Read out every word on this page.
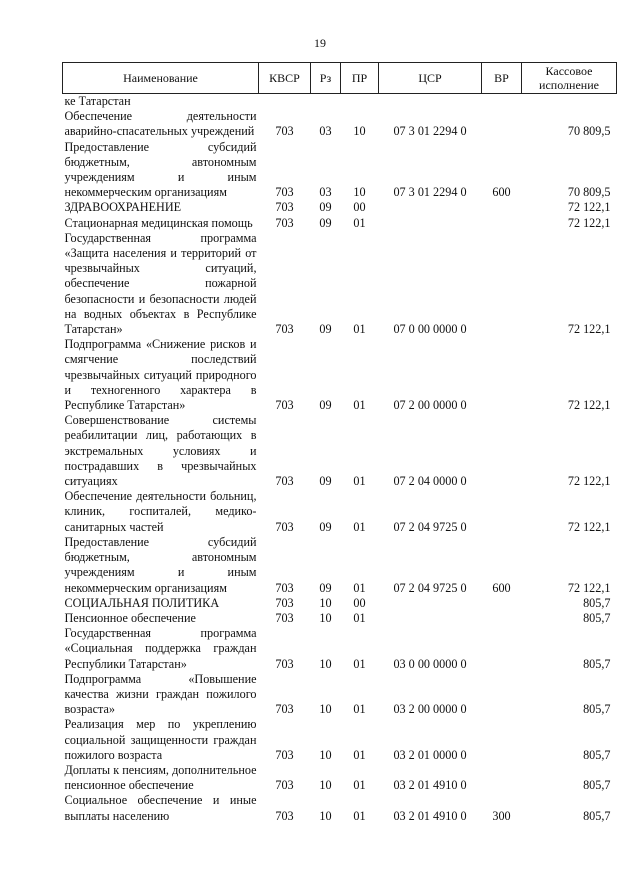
19
Наименование	КВСР	Рз	ПР	ЦСР	ВР	Кассовое исполнение
ке Татарстан						
Обеспечение деятельности аварийно-спасательных учреждений	703	03	10	07 3 01 2294 0		70 809,5
Предоставление субсидий бюджетным, автономным учреждениям и иным некоммерческим организациям	703	03	10	07 3 01 2294 0	600	70 809,5
ЗДРАВООХРАНЕНИЕ	703	09	00			72 122,1
Стационарная медицинская помощь	703	09	01			72 122,1
Государственная программа «Защита населения и территорий от чрезвычайных ситуаций, обеспечение пожарной безопасности и безопасности людей на водных объектах в Республике Татарстан»	703	09	01	07 0 00 0000 0		72 122,1
Подпрограмма «Снижение рисков и смягчение последствий чрезвычайных ситуаций природного и техногенного характера в Республике Татарстан»	703	09	01	07 2 00 0000 0		72 122,1
Совершенствование системы реабилитации лиц, работающих в экстремальных условиях и пострадавших в чрезвычайных ситуациях	703	09	01	07 2 04 0000 0		72 122,1
Обеспечение деятельности больниц, клиник, госпиталей, медико-санитарных частей	703	09	01	07 2 04 9725 0		72 122,1
Предоставление субсидий бюджетным, автономным учреждениям и иным некоммерческим организациям	703	09	01	07 2 04 9725 0	600	72 122,1
СОЦИАЛЬНАЯ ПОЛИТИКА	703	10	00			805,7
Пенсионное обеспечение	703	10	01			805,7
Государственная программа «Социальная поддержка граждан Республики Татарстан»	703	10	01	03 0 00 0000 0		805,7
Подпрограмма «Повышение качества жизни граждан пожилого возраста»	703	10	01	03 2 00 0000 0		805,7
Реализация мер по укреплению социальной защищенности граждан пожилого возраста	703	10	01	03 2 01 0000 0		805,7
Доплаты к пенсиям, дополнительное пенсионное обеспечение	703	10	01	03 2 01 4910 0		805,7
Социальное обеспечение и иные выплаты населению	703	10	01	03 2 01 4910 0	300	805,7
